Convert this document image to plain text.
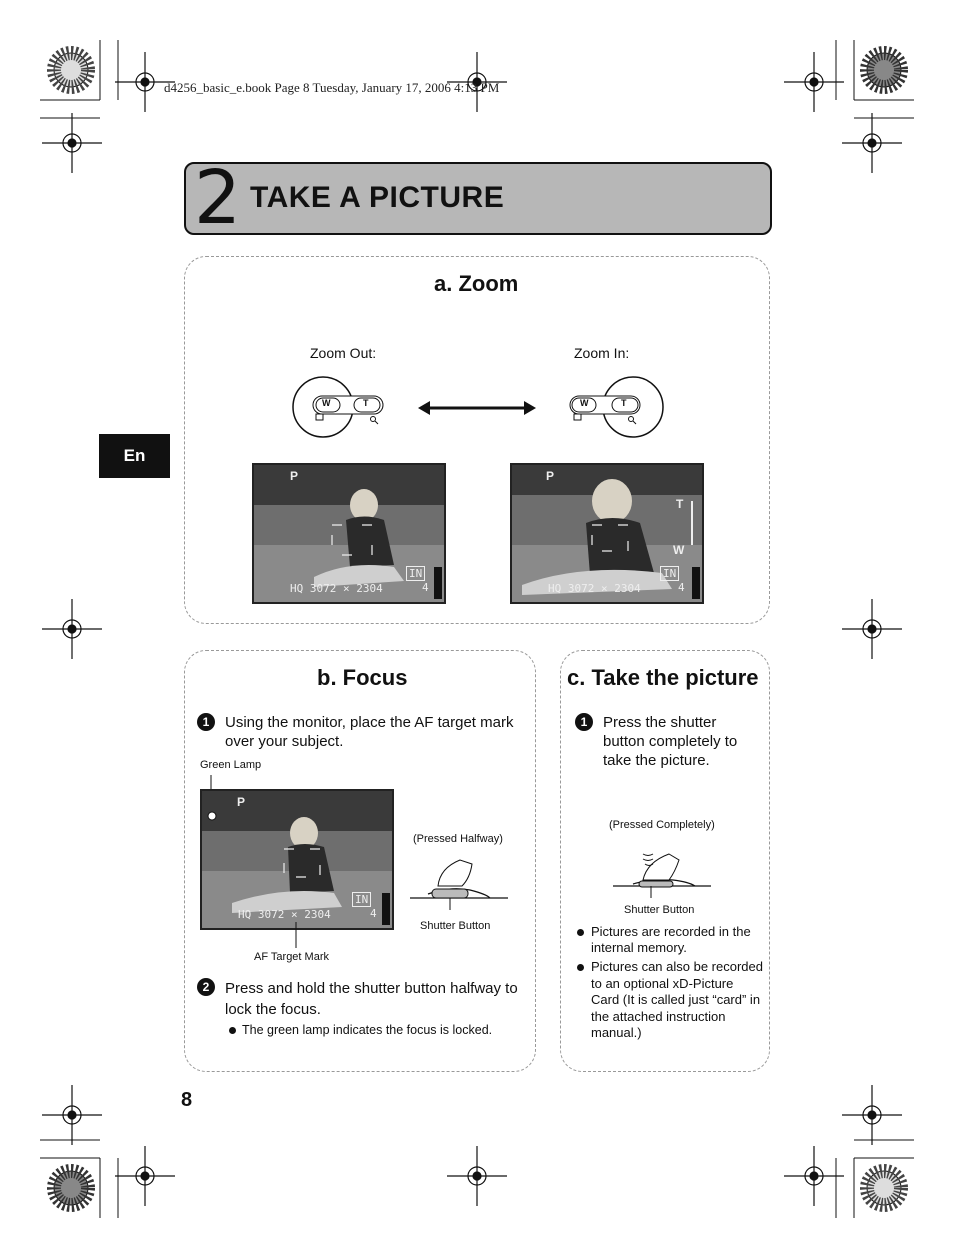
d4256_basic_e.book Page 8 Tuesday, January 17, 2006 4:13 PM
En
2 TAKE A PICTURE
a. Zoom
Zoom Out:	Zoom In:
W	T	W	T
P
HQ 3072 × 2304
IN
4
P
T
W
HQ 3072 × 2304
IN
4
b. Focus
1	Using the monitor, place the AF target mark over your subject.
Green Lamp
P
HQ 3072 × 2304
IN
4
AF Target Mark
(Pressed Halfway)
Shutter Button
2	Press and hold the shutter button halfway to lock the focus.
The green lamp indicates the focus is locked.
c. Take the picture
1	Press the shutter button completely to take the picture.
(Pressed Completely)
Shutter Button
Pictures are recorded in the internal memory.
Pictures can also be recorded to an optional xD-Picture Card (It is called just “card” in the attached instruction manual.)
8
